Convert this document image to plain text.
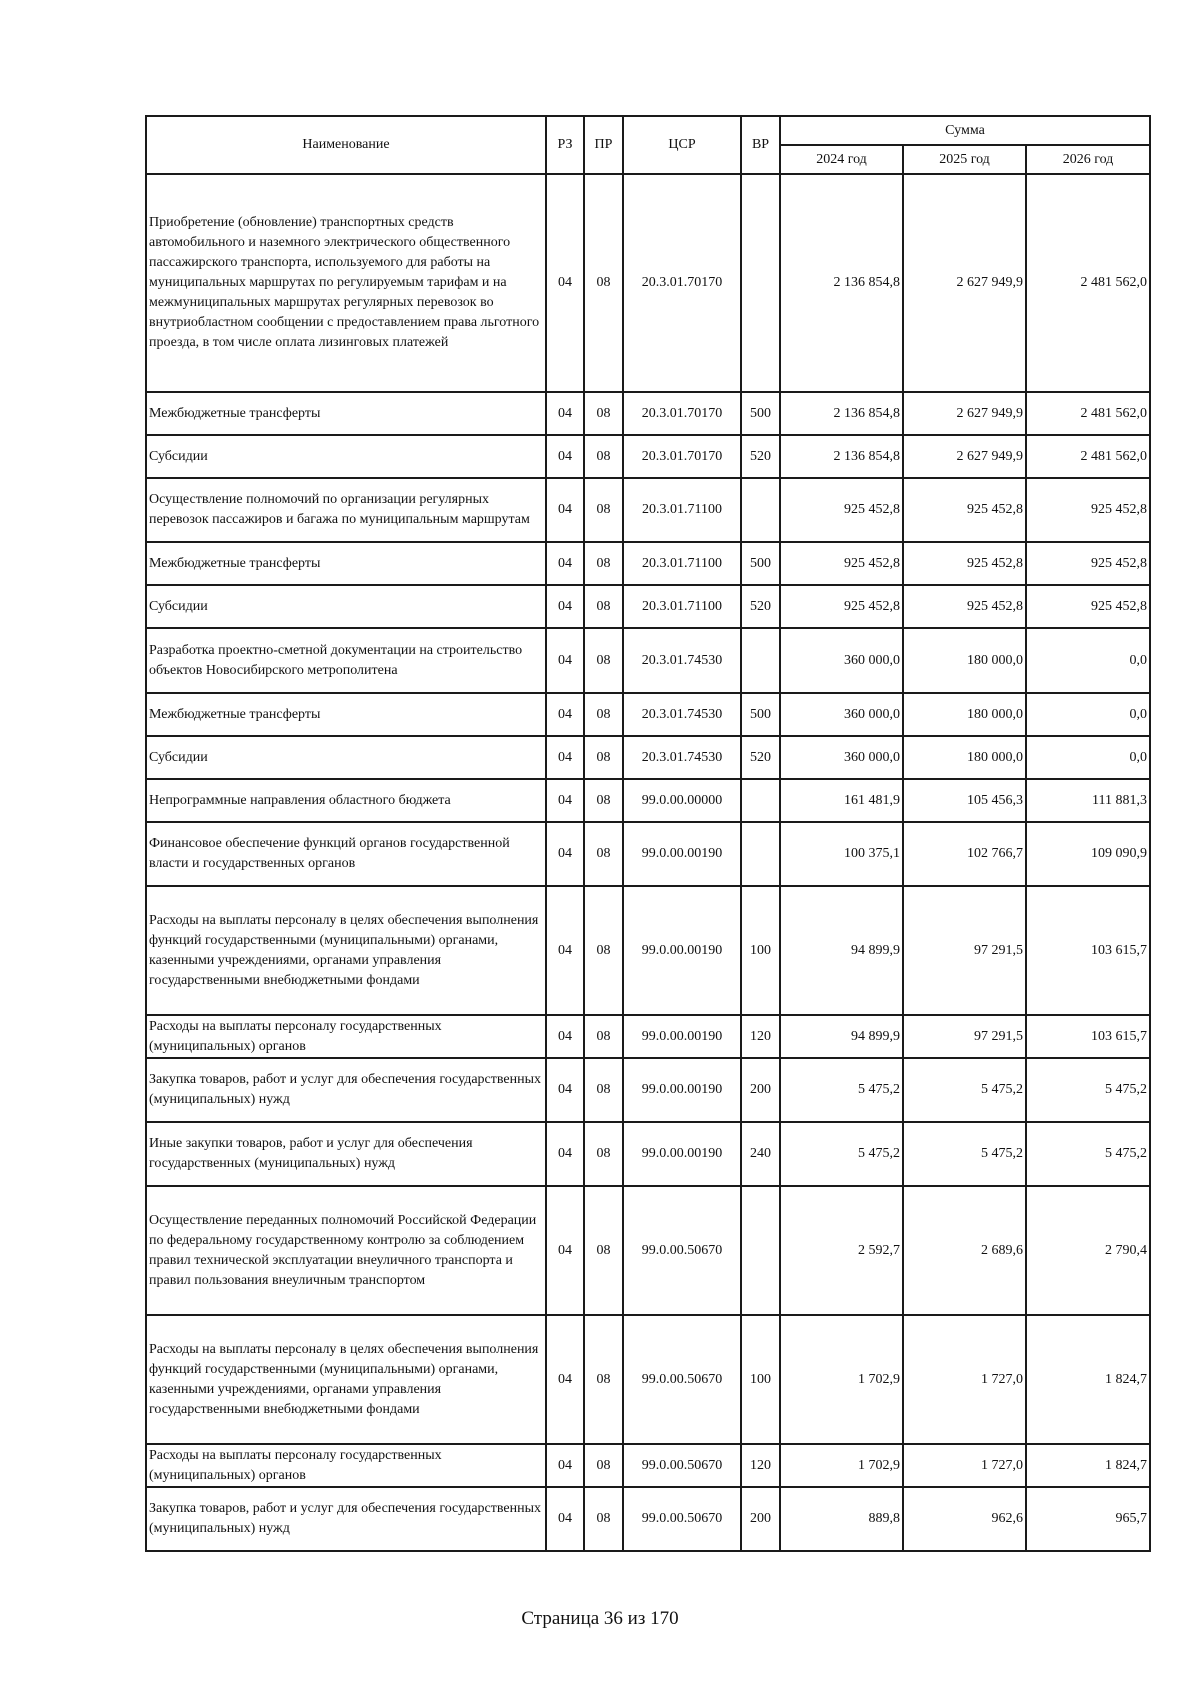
Наименование	РЗ	ПР	ЦСР	ВР	Сумма		
					2024 год	2025 год	2026 год
Приобретение (обновление) транспортных средств автомобильного и наземного электрического общественного пассажирского транспорта, используемого для работы на муниципальных маршрутах по регулируемым тарифам и на межмуниципальных маршрутах регулярных перевозок во внутриобластном сообщении с предоставлением права льготного проезда, в том числе оплата лизинговых платежей	04	08	20.3.01.70170		2 136 854,8	2 627 949,9	2 481 562,0
Межбюджетные трансферты	04	08	20.3.01.70170	500	2 136 854,8	2 627 949,9	2 481 562,0
Субсидии	04	08	20.3.01.70170	520	2 136 854,8	2 627 949,9	2 481 562,0
Осуществление полномочий по организации регулярных перевозок пассажиров и багажа по муниципальным маршрутам	04	08	20.3.01.71100		925 452,8	925 452,8	925 452,8
Межбюджетные трансферты	04	08	20.3.01.71100	500	925 452,8	925 452,8	925 452,8
Субсидии	04	08	20.3.01.71100	520	925 452,8	925 452,8	925 452,8
Разработка проектно-сметной документации на строительство объектов Новосибирского метрополитена	04	08	20.3.01.74530		360 000,0	180 000,0	0,0
Межбюджетные трансферты	04	08	20.3.01.74530	500	360 000,0	180 000,0	0,0
Субсидии	04	08	20.3.01.74530	520	360 000,0	180 000,0	0,0
Непрограммные направления областного бюджета	04	08	99.0.00.00000		161 481,9	105 456,3	111 881,3
Финансовое обеспечение функций органов государственной власти и государственных органов	04	08	99.0.00.00190		100 375,1	102 766,7	109 090,9
Расходы на выплаты персоналу в целях обеспечения выполнения функций государственными (муниципальными) органами, казенными учреждениями, органами управления государственными внебюджетными фондами	04	08	99.0.00.00190	100	94 899,9	97 291,5	103 615,7
Расходы на выплаты персоналу государственных (муниципальных) органов	04	08	99.0.00.00190	120	94 899,9	97 291,5	103 615,7
Закупка товаров, работ и услуг для обеспечения государственных (муниципальных) нужд	04	08	99.0.00.00190	200	5 475,2	5 475,2	5 475,2
Иные закупки товаров, работ и услуг для обеспечения государственных (муниципальных) нужд	04	08	99.0.00.00190	240	5 475,2	5 475,2	5 475,2
Осуществление переданных полномочий Российской Федерации по федеральному государственному контролю за соблюдением правил технической эксплуатации внеуличного транспорта и правил пользования внеуличным транспортом	04	08	99.0.00.50670		2 592,7	2 689,6	2 790,4
Расходы на выплаты персоналу в целях обеспечения выполнения функций государственными (муниципальными) органами, казенными учреждениями, органами управления государственными внебюджетными фондами	04	08	99.0.00.50670	100	1 702,9	1 727,0	1 824,7
Расходы на выплаты персоналу государственных (муниципальных) органов	04	08	99.0.00.50670	120	1 702,9	1 727,0	1 824,7
Закупка товаров, работ и услуг для обеспечения государственных (муниципальных) нужд	04	08	99.0.00.50670	200	889,8	962,6	965,7
Страница 36 из 170
